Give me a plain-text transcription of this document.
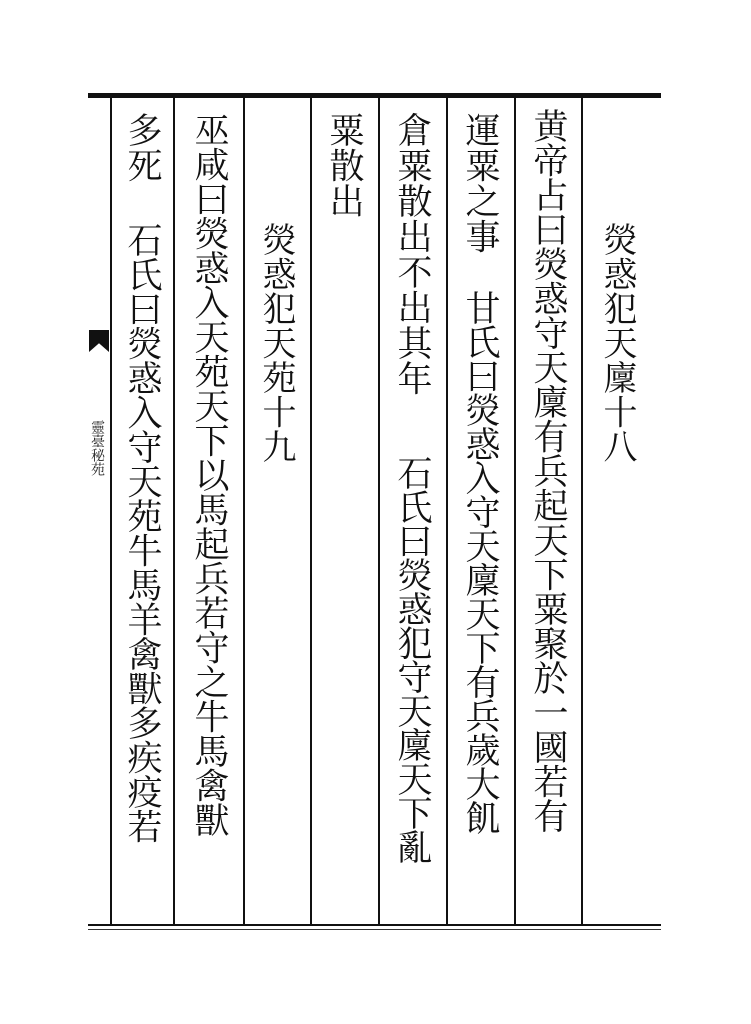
靈臺秘苑	熒惑犯天廩十八
黄帝占曰熒惑守天廩有兵起天下粟聚於一國若有
運粟之事
甘氏曰熒惑入守天廩天下有兵歲大飢
倉粟散出不出其年
石氏曰熒惑犯守天廩天下亂
粟散出
熒惑犯天苑十九
巫咸曰熒惑入天苑天下以馬起兵若守之牛馬禽獸
多死
石氏曰熒惑入守天苑牛馬羊禽獸多疾疫若
